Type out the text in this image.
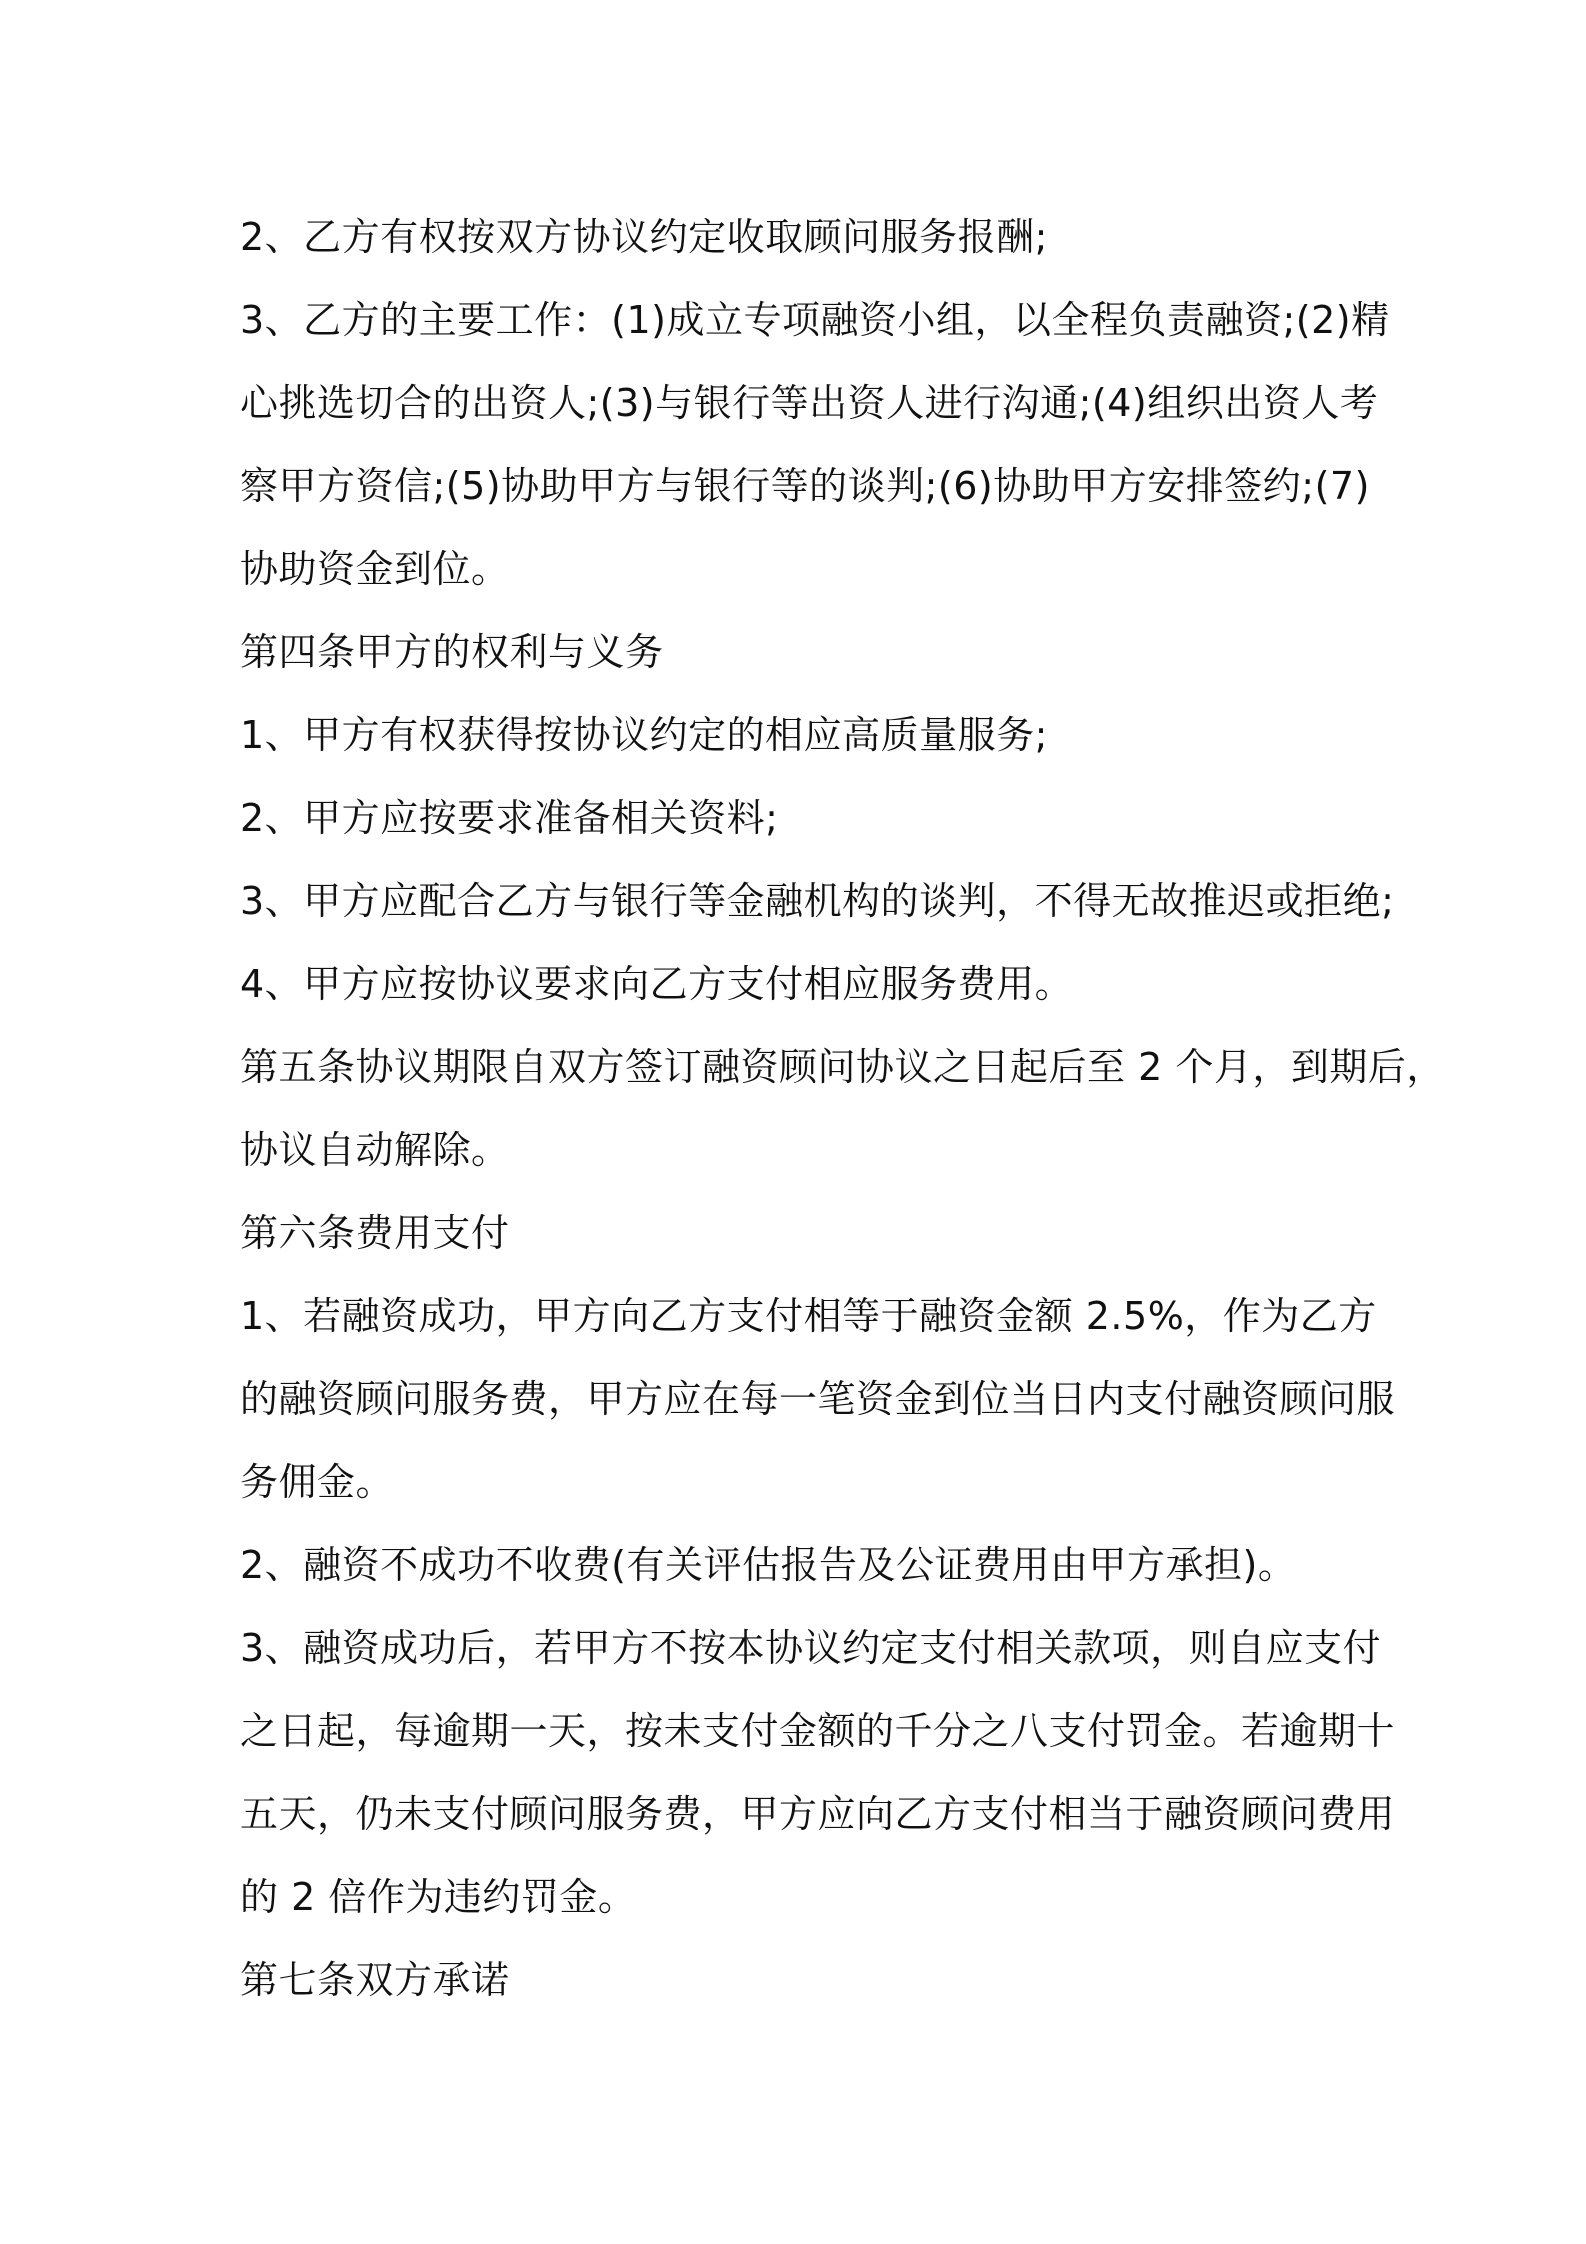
2、乙方有权按双方协议约定收取顾问服务报酬;
3、乙方的主要工作：(1)成立专项融资小组，以全程负责融资;(2)精
心挑选切合的出资人;(3)与银行等出资人进行沟通;(4)组织出资人考
察甲方资信;(5)协助甲方与银行等的谈判;(6)协助甲方安排签约;(7)
协助资金到位。
第四条甲方的权利与义务
1、甲方有权获得按协议约定的相应高质量服务;
2、甲方应按要求准备相关资料;
3、甲方应配合乙方与银行等金融机构的谈判，不得无故推迟或拒绝;
4、甲方应按协议要求向乙方支付相应服务费用。
第五条协议期限自双方签订融资顾问协议之日起后至 2 个月，到期后，
协议自动解除。
第六条费用支付
1、若融资成功，甲方向乙方支付相等于融资金额 2.5%，作为乙方
的融资顾问服务费，甲方应在每一笔资金到位当日内支付融资顾问服
务佣金。
2、融资不成功不收费(有关评估报告及公证费用由甲方承担)。
3、融资成功后，若甲方不按本协议约定支付相关款项，则自应支付
之日起，每逾期一天，按未支付金额的千分之八支付罚金。若逾期十
五天，仍未支付顾问服务费，甲方应向乙方支付相当于融资顾问费用
的 2 倍作为违约罚金。
第七条双方承诺
